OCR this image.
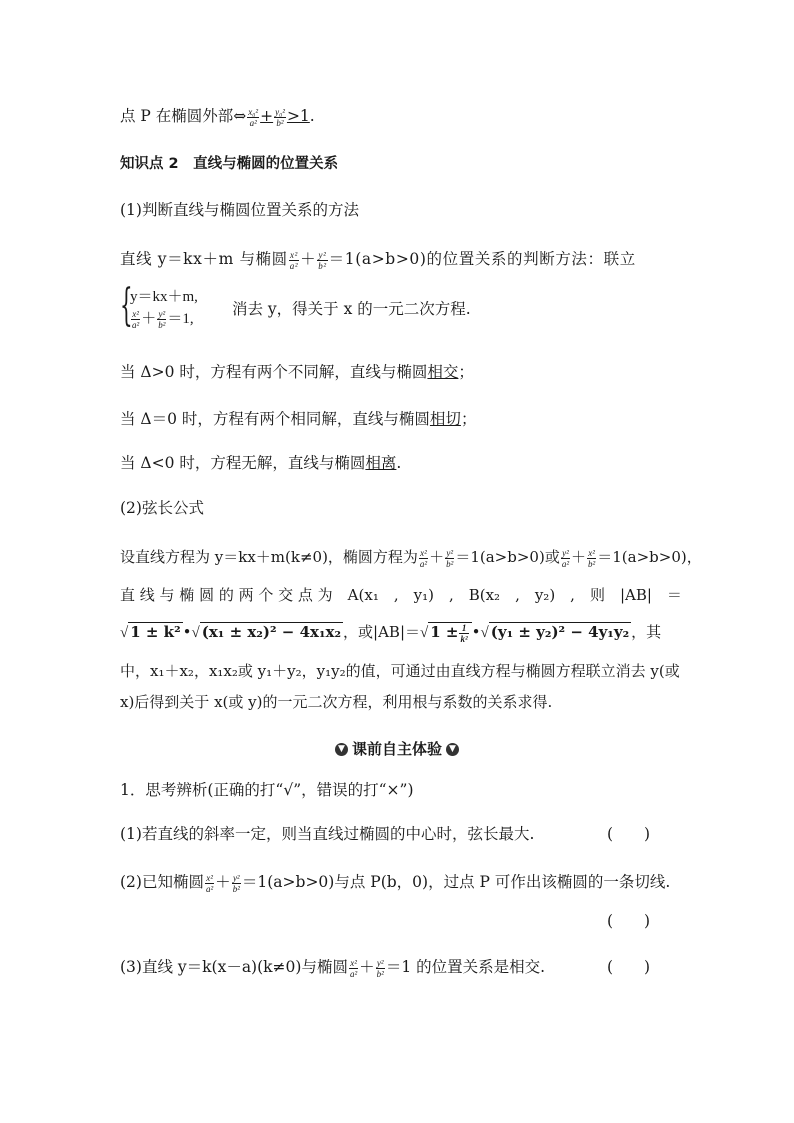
点 P 在椭圆外部⇔ $\frac{\text{x₀²}}{\text{a²}} + \frac{\text{y₀²}}{\text{b²}} >1$.
知识点 2　直线与椭圆的位置关系
(1)判断直线与椭圆位置关系的方法
直线 y＝kx＋m 与椭圆 $\frac{\text{x²}}{\text{a²}} + \frac{\text{y²}}{\text{b²}} =1(a>b>0)$的位置关系的判断方法：联立
{
y＝kx＋m,
$\frac{\text{x²}}{\text{a²}} + \frac{\text{y²}}{\text{b²}} =1$,
消去 y，得关于 x 的一元二次方程.
当 Δ>0 时，方程有两个不同解，直线与椭圆相交；
当 Δ＝0 时，方程有两个相同解，直线与椭圆相切；
当 Δ<0 时，方程无解，直线与椭圆相离.
(2)弦长公式
设直线方程为 y＝kx＋m(k≠0)，椭圆方程为 $\frac{\text{x²}}{\text{a²}} + \frac{\text{y²}}{\text{b²}} =1(a>b>0)$或 $\frac{\text{y²}}{\text{a²}} + \frac{\text{x²}}{\text{b²}} =1(a>b>0)$，
直 线 与 椭 圆 的 两 个 交 点 为　A(x₁　,　y₁)　,　B(x₂　,　y₂)　,　则　|AB|　＝
√ 1 ± k² •√ (x₁ ± x₂)² − 4x₁x₂ ，或|AB|＝√ $1 \pm \frac{1}{\text{k²}}$ •√ (y₁ ± y₂)² − 4y₁y₂ ，其
中，x₁＋x₂，x₁x₂或 y₁＋y₂，y₁y₂的值，可通过由直线方程与椭圆方程联立消去 y(或
x)后得到关于 x(或 y)的一元二次方程，利用根与系数的关系求得.
▼ 课前自主体验 ▼
1．思考辨析(正确的打“√”，错误的打“×”)
(1)若直线的斜率一定，则当直线过椭圆的中心时，弦长最大.	(　　)
(2)已知椭圆 $\frac{\text{x²}}{\text{a²}} + \frac{\text{y²}}{\text{b²}} =1(a>b>0)$与点 P(b，0)，过点 P 可作出该椭圆的一条切线.
(　　)
(3)直线 y＝k(x－a)(k≠0)与椭圆 $\frac{\text{x²}}{\text{a²}} + \frac{\text{y²}}{\text{b²}} =1$ 的位置关系是相交.	(　　)
